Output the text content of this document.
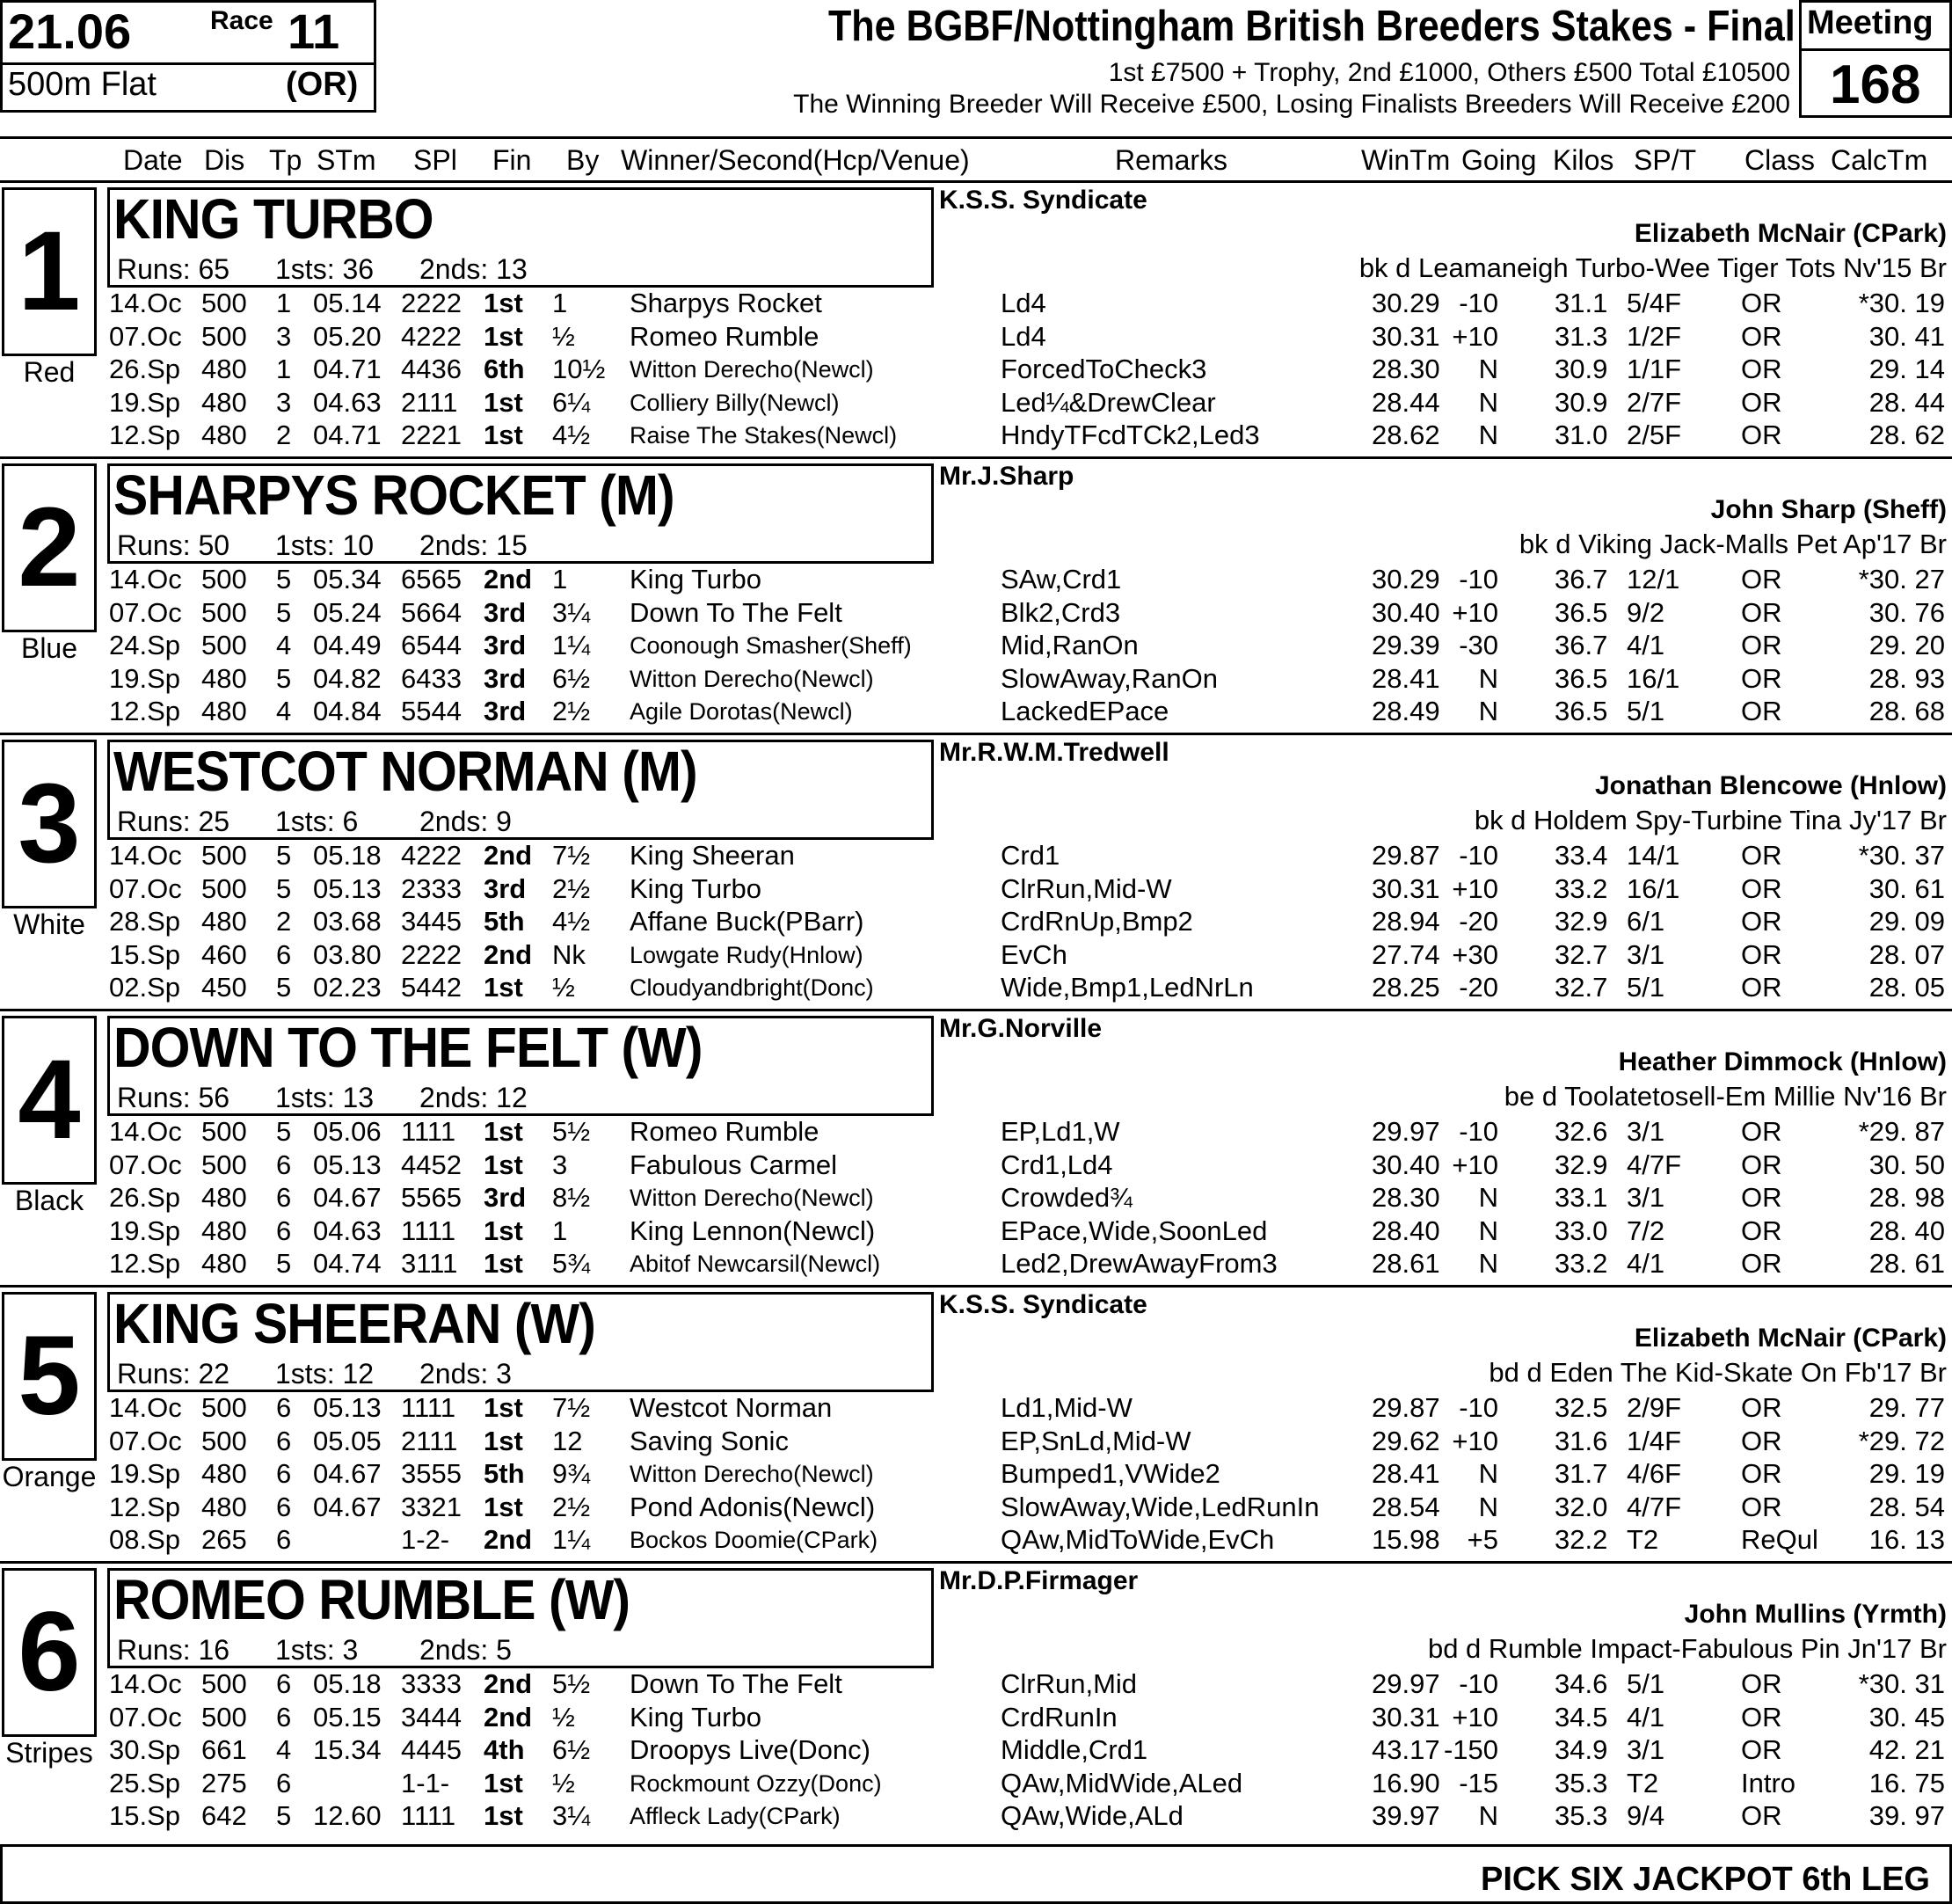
21.06	Race 11
500m Flat	(OR)
The BGBF/Nottingham British Breeders Stakes - Final
1st £7500 + Trophy, 2nd £1000, Others £500 Total £10500
The Winning Breeder Will Receive £500, Losing Finalists Breeders Will Receive £200
Meeting
168
Date Dis Tp STm SPl Fin By Winner/Second(Hcp/Venue)	Remarks	WinTm Going Kilos SP/T Class CalcTm
1
Red
KING TURBO
Runs: 65 1sts: 36 2nds: 13
K.S.S. Syndicate
Elizabeth McNair (CPark)
bk d Leamaneigh Turbo-Wee Tiger Tots Nv'15 Br
14.Oc 500 1 05.14 2222 1st 1 Sharpys Rocket	Ld4	30.29 -10 31.1 5/4F OR	*30. 19
07.Oc 500 3 05.20 4222 1st ½ Romeo Rumble	Ld4	30.31 +10 31.3 1/2F OR	30. 41
26.Sp 480 1 04.71 4436 6th 10½ Witton Derecho(Newcl)	ForcedToCheck3	28.30 N 30.9 1/1F OR	29. 14
19.Sp 480 3 04.63 2111 1st 6¼ Colliery Billy(Newcl)	Led¼&DrewClear	28.44 N 30.9 2/7F OR	28. 44
12.Sp 480 2 04.71 2221 1st 4½ Raise The Stakes(Newcl)	HndyTFcdTCk2,Led3	28.62 N 31.0 2/5F OR	28. 62
2
Blue
SHARPYS ROCKET (M)
Runs: 50 1sts: 10 2nds: 15
Mr.J.Sharp
John Sharp (Sheff)
bk d Viking Jack-Malls Pet Ap'17 Br
14.Oc 500 5 05.34 6565 2nd 1 King Turbo	SAw,Crd1	30.29 -10 36.7 12/1 OR	*30. 27
07.Oc 500 5 05.24 5664 3rd 3¼ Down To The Felt	Blk2,Crd3	30.40 +10 36.5 9/2	OR	30. 76
24.Sp 500 4 04.49 6544 3rd 1¼ Coonough Smasher(Sheff)	Mid,RanOn	29.39 -30 36.7 4/1	OR	29. 20
19.Sp 480 5 04.82 6433 3rd 6½ Witton Derecho(Newcl)	SlowAway,RanOn	28.41 N 36.5 16/1 OR	28. 93
12.Sp 480 4 04.84 5544 3rd 2½ Agile Dorotas(Newcl)	LackedEPace	28.49 N 36.5 5/1	OR	28. 68
3
White
WESTCOT NORMAN (M)
Runs: 25 1sts: 6 2nds: 9
Mr.R.W.M.Tredwell
Jonathan Blencowe (Hnlow)
bk d Holdem Spy-Turbine Tina Jy'17 Br
14.Oc 500 5 05.18 4222 2nd 7½ King Sheeran	Crd1	29.87 -10 33.4 14/1 OR	*30. 37
07.Oc 500 5 05.13 2333 3rd 2½ King Turbo	ClrRun,Mid-W	30.31 +10 33.2 16/1 OR	30. 61
28.Sp 480 2 03.68 3445 5th 4½ Affane Buck(PBarr)	CrdRnUp,Bmp2	28.94 -20 32.9 6/1	OR	29. 09
15.Sp 460 6 03.80 2222 2nd Nk Lowgate Rudy(Hnlow)	EvCh	27.74 +30 32.7 3/1	OR	28. 07
02.Sp 450 5 02.23 5442 1st ½ Cloudyandbright(Donc)	Wide,Bmp1,LedNrLn	28.25 -20 32.7 5/1	OR	28. 05
4
Black
DOWN TO THE FELT (W)
Runs: 56 1sts: 13 2nds: 12
Mr.G.Norville
Heather Dimmock (Hnlow)
be d Toolatetosell-Em Millie Nv'16 Br
14.Oc 500 5 05.06 1111 1st 5½ Romeo Rumble	EP,Ld1,W	29.97 -10 32.6 3/1	OR	*29. 87
07.Oc 500 6 05.13 4452 1st 3 Fabulous Carmel	Crd1,Ld4	30.40 +10 32.9 4/7F OR	30. 50
26.Sp 480 6 04.67 5565 3rd 8½ Witton Derecho(Newcl)	Crowded¾	28.30 N 33.1 3/1	OR	28. 98
19.Sp 480 6 04.63 1111 1st 1 King Lennon(Newcl)	EPace,Wide,SoonLed	28.40 N 33.0 7/2	OR	28. 40
12.Sp 480 5 04.74 3111 1st 5¾ Abitof Newcarsil(Newcl)	Led2,DrewAwayFrom3	28.61 N 33.2 4/1	OR	28. 61
5
Orange
KING SHEERAN (W)
Runs: 22 1sts: 12 2nds: 3
K.S.S. Syndicate
Elizabeth McNair (CPark)
bd d Eden The Kid-Skate On Fb'17 Br
14.Oc 500 6 05.13 1111 1st 7½ Westcot Norman	Ld1,Mid-W	29.87 -10 32.5 2/9F OR	29. 77
07.Oc 500 6 05.05 2111 1st 12 Saving Sonic	EP,SnLd,Mid-W	29.62 +10 31.6 1/4F OR	*29. 72
19.Sp 480 6 04.67 3555 5th 9¾ Witton Derecho(Newcl)	Bumped1,VWide2	28.41 N 31.7 4/6F OR	29. 19
12.Sp 480 6 04.67 3321 1st 2½ Pond Adonis(Newcl)	SlowAway,Wide,LedRunIn 28.54 N 32.0 4/7F OR	28. 54
08.Sp 265 6	1-2- 2nd 1¼ Bockos Doomie(CPark)	QAw,MidToWide,EvCh	15.98 +5 32.2 T2	ReQul 16. 13
6
Stripes
ROMEO RUMBLE (W)
Runs: 16 1sts: 3 2nds: 5
Mr.D.P.Firmager
John Mullins (Yrmth)
bd d Rumble Impact-Fabulous Pin Jn'17 Br
14.Oc 500 6 05.18 3333 2nd 5½ Down To The Felt	ClrRun,Mid	29.97 -10 34.6 5/1	OR	*30. 31
07.Oc 500 6 05.15 3444 2nd ½ King Turbo	CrdRunIn	30.31 +10 34.5 4/1	OR	30. 45
30.Sp 661 4 15.34 4445 4th 6½ Droopys Live(Donc)	Middle,Crd1	43.17 -150 34.9 3/1	OR	42. 21
25.Sp 275 6	1-1- 1st ½ Rockmount Ozzy(Donc)	QAw,MidWide,ALed	16.90 -15 35.3 T2	Intro	16. 75
15.Sp 642 5 12.60 1111 1st 3¼ Affleck Lady(CPark)	QAw,Wide,ALd	39.97 N 35.3 9/4	OR	39. 97
PICK SIX JACKPOT 6th LEG
